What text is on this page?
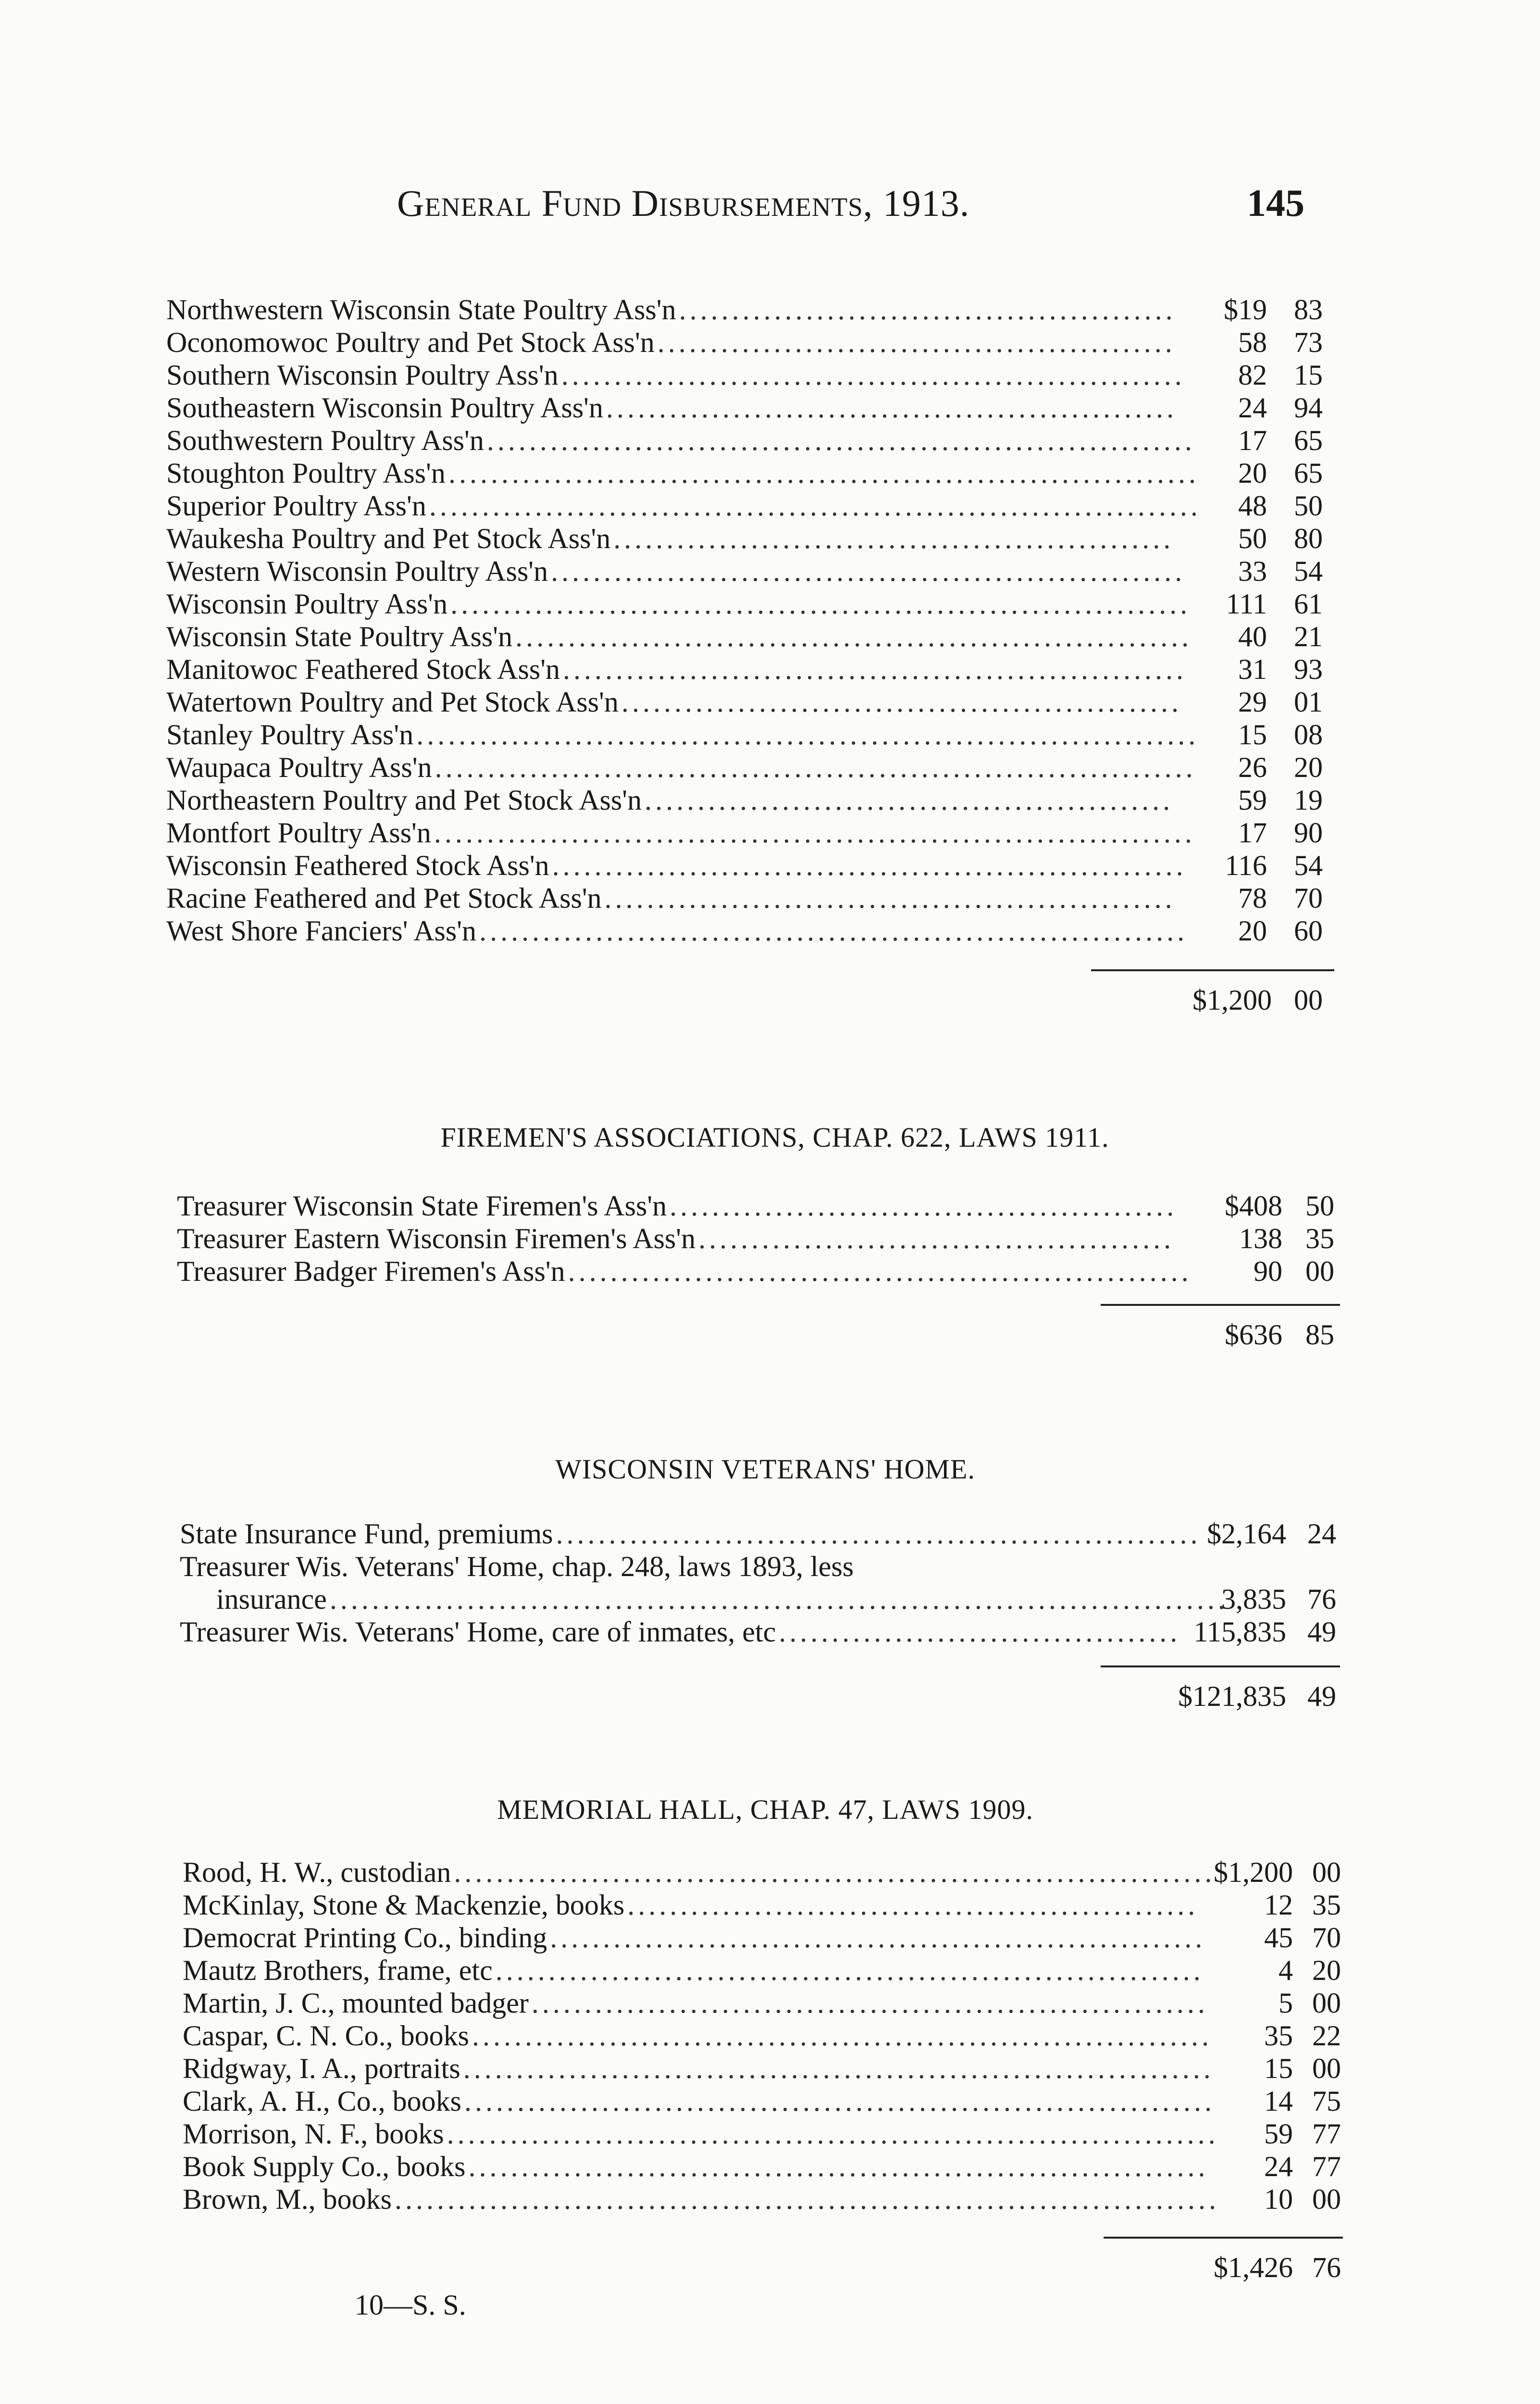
General Fund Disbursements, 1913.	145
Northwestern Wisconsin State Poultry Ass'n	$19 83
...............................................
Oconomowoc Poultry and Pet Stock Ass'n	58 73
.................................................
Southern Wisconsin Poultry Ass'n	82 15
...........................................................
Southeastern Wisconsin Poultry Ass'n	24 94
......................................................
Southwestern Poultry Ass'n	17 65
...................................................................
Stoughton Poultry Ass'n	20 65
.......................................................................
Superior Poultry Ass'n	48 50
.........................................................................
Waukesha Poultry and Pet Stock Ass'n	50 80
.....................................................
Western Wisconsin Poultry Ass'n	33 54
............................................................
Wisconsin Poultry Ass'n	111 61
......................................................................
Wisconsin State Poultry Ass'n	40 21
................................................................
Manitowoc Feathered Stock Ass'n	31 93
...........................................................
Watertown Poultry and Pet Stock Ass'n	29 01
.....................................................
Stanley Poultry Ass'n	15 08
..........................................................................
Waupaca Poultry Ass'n	26 20
........................................................................
Northeastern Poultry and Pet Stock Ass'n	59 19
..................................................
Montfort Poultry Ass'n	17 90
........................................................................
Wisconsin Feathered Stock Ass'n	116 54
............................................................
Racine Feathered and Pet Stock Ass'n	78 70
......................................................
West Shore Fanciers' Ass'n	20 60
...................................................................
$1,200 00
FIREMEN'S ASSOCIATIONS, CHAP. 622, LAWS 1911.
Treasurer Wisconsin State Firemen's Ass'n	$408 50
................................................
Treasurer Eastern Wisconsin Firemen's Ass'n	138 35
.............................................
Treasurer Badger Firemen's Ass'n	90 00
...........................................................
$636 85
WISCONSIN VETERANS' HOME.
State Insurance Fund, premiums	$2,164 24
.............................................................
Treasurer Wis. Veterans' Home, chap. 248, laws 1893, less
insurance	3,835 76
.....................................................................................
Treasurer Wis. Veterans' Home, care of inmates, etc	115,835 49
......................................
$121,835 49
MEMORIAL HALL, CHAP. 47, LAWS 1909.
Rood, H. W., custodian	$1,200 00
........................................................................
McKinlay, Stone & Mackenzie, books	12 35
......................................................
Democrat Printing Co., binding	45 70
..............................................................
Mautz Brothers, frame, etc	4 20
...................................................................
Martin, J. C., mounted badger	5 00
................................................................
Caspar, C. N. Co., books	35 22
......................................................................
Ridgway, I. A., portraits	15 00
.......................................................................
Clark, A. H., Co., books	14 75
.......................................................................
Morrison, N. F., books	59 77
.........................................................................
Book Supply Co., books	24 77
......................................................................
Brown, M., books	10 00
..............................................................................
$1,426 76
10—S. S.
